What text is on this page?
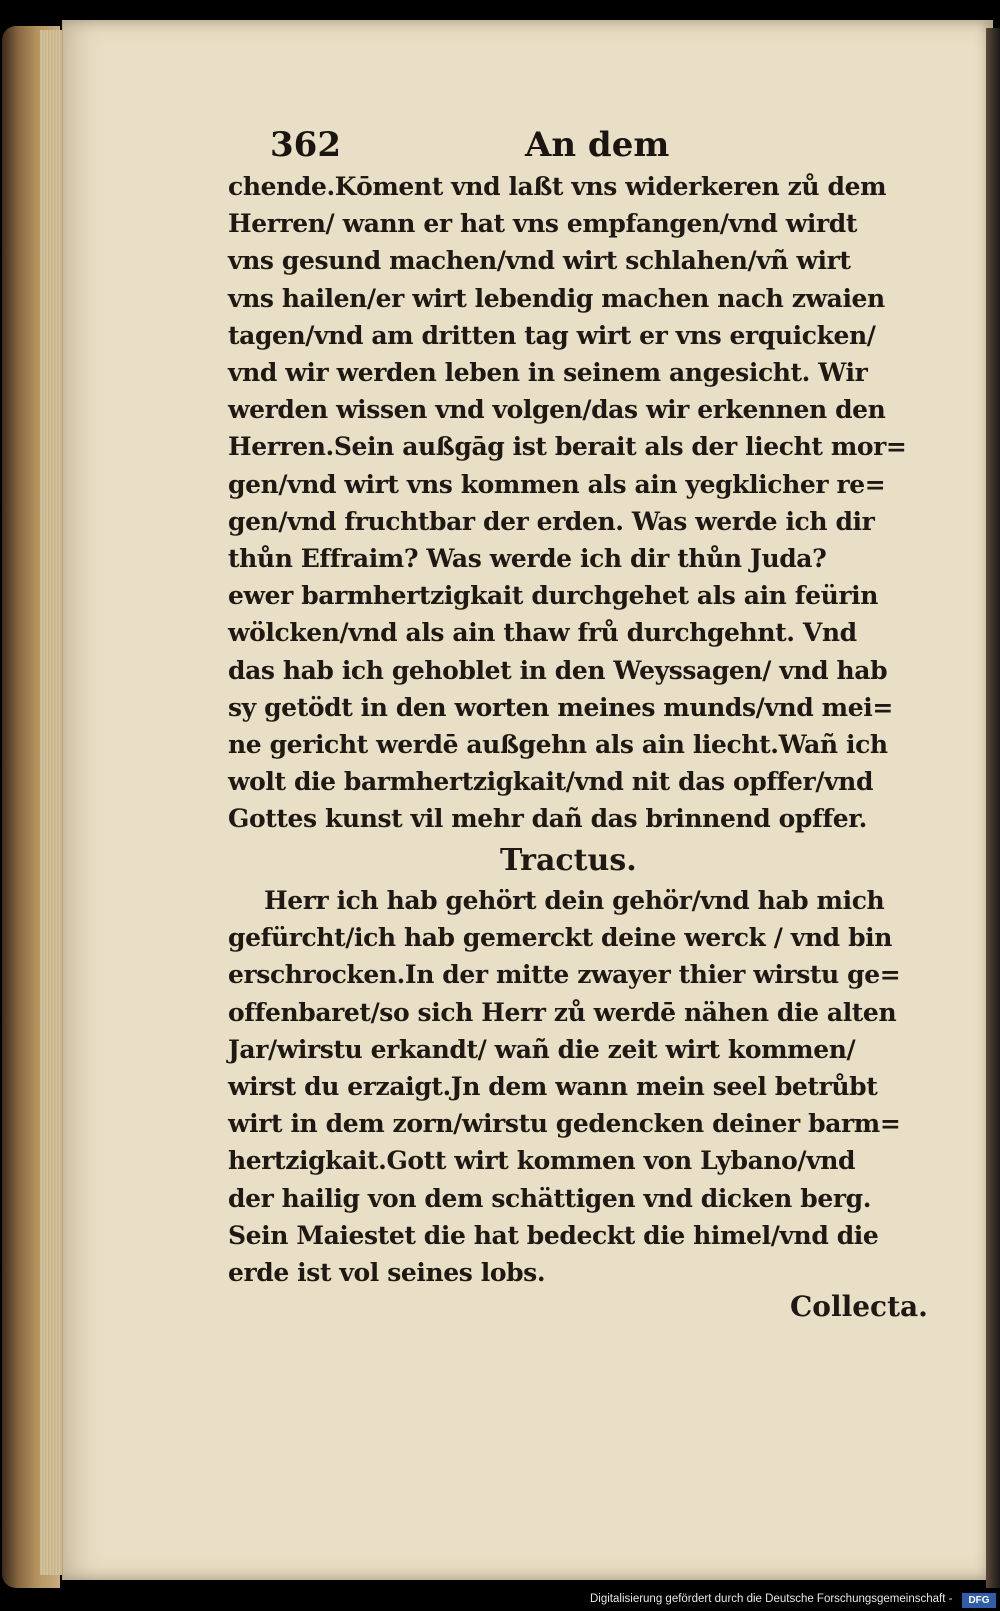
362	An dem
chende.Kōment vnd laßt vns widerkeren zů dem
Herren/ wann er hat vns empfangen/vnd wirdt
vns gesund machen/vnd wirt schlahen/vñ wirt
vns hailen/er wirt lebendig machen nach zwaien
tagen/vnd am dritten tag wirt er vns erquicken/
vnd wir werden leben in seinem angesicht. Wir
werden wissen vnd volgen/das wir erkennen den
Herren.Sein außgāg ist berait als der liecht mor=
gen/vnd wirt vns kommen als ain yegklicher re=
gen/vnd fruchtbar der erden. Was werde ich dir
thůn Effraim? Was werde ich dir thůn Juda?
ewer barmhertzigkait durchgehet als ain feürin
wölcken/vnd als ain thaw frů durchgehnt. Vnd
das hab ich gehoblet in den Weyssagen/ vnd hab
sy getödt in den worten meines munds/vnd mei=
ne gericht werdē außgehn als ain liecht.Wañ ich
wolt die barmhertzigkait/vnd nit das opffer/vnd
Gottes kunst vil mehr dañ das brinnend opffer.
Tractus.
Herr ich hab gehört dein gehör/vnd hab mich
gefürcht/ich hab gemerckt deine werck / vnd bin
erschrocken.In der mitte zwayer thier wirstu ge=
offenbaret/so sich Herr zů werdē nähen die alten
Jar/wirstu erkandt/ wañ die zeit wirt kommen/
wirst du erzaigt.Jn dem wann mein seel betrůbt
wirt in dem zorn/wirstu gedencken deiner barm=
hertzigkait.Gott wirt kommen von Lybano/vnd
der hailig von dem schättigen vnd dicken berg.
Sein Maiestet die hat bedeckt die himel/vnd die
erde ist vol seines lobs.
Collecta.
Digitalisierung gefördert durch die Deutsche Forschungsgemeinschaft -	DFG
